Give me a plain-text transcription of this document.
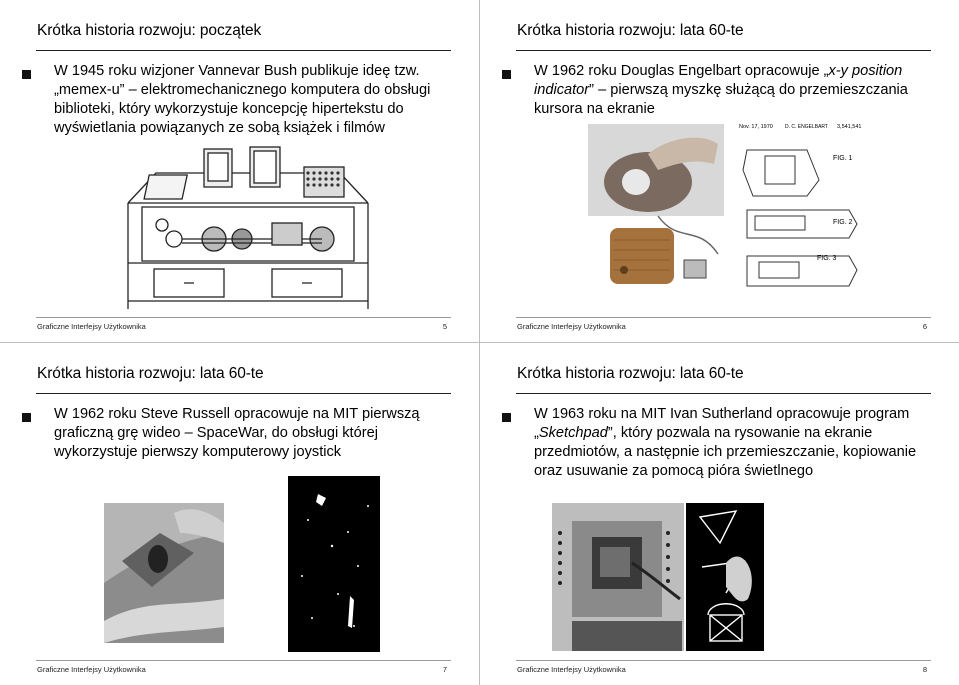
Krótka historia rozwoju: początek
W 1945 roku wizjoner Vannevar Bush publikuje ideę tzw. „memex-u” – elektromechanicznego komputera do obsługi biblioteki, który wykorzystuje koncepcję hipertekstu do wyświetlania powiązanych ze sobą książek i filmów
Graficzne Interfejsy Użytkownika	5
Krótka historia rozwoju: lata 60-te
W 1962 roku Douglas Engelbart opracowuje „x-y position indicator” – pierwszą myszkę służącą do przemieszczania kursora na ekranie
Nov. 17, 1970 D. C. ENGELBART 3,541,541
FIG. 1
FIG. 2
FIG. 3
Graficzne Interfejsy Użytkownika	6
Krótka historia rozwoju: lata 60-te
W 1962 roku Steve Russell opracowuje na MIT pierwszą graficzną grę wideo – SpaceWar, do obsługi której wykorzystuje pierwszy komputerowy joystick
Graficzne Interfejsy Użytkownika	7
Krótka historia rozwoju: lata 60-te
W 1963 roku na MIT Ivan Sutherland opracowuje program „Sketchpad”, który pozwala na rysowanie na ekranie przedmiotów, a następnie ich przemieszczanie, kopiowanie oraz usuwanie za pomocą pióra świetlnego
Graficzne Interfejsy Użytkownika	8
